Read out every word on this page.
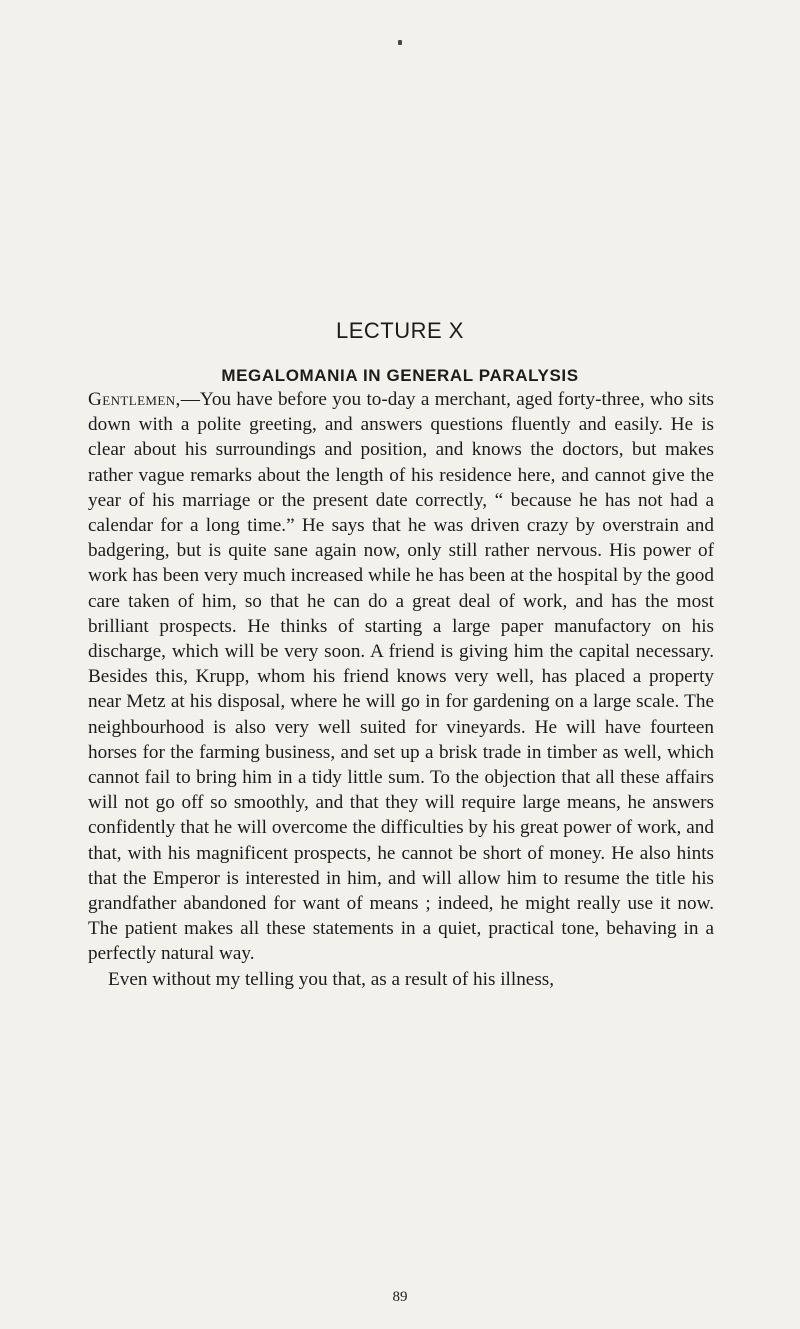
LECTURE X
MEGALOMANIA IN GENERAL PARALYSIS

Gentlemen,—You have before you to-day a merchant, aged forty-three, who sits down with a polite greeting, and answers questions fluently and easily. He is clear about his surroundings and position, and knows the doctors, but makes rather vague remarks about the length of his residence here, and cannot give the year of his marriage or the present date correctly, “ because he has not had a calendar for a long time.” He says that he was driven crazy by overstrain and badgering, but is quite sane again now, only still rather nervous. His power of work has been very much increased while he has been at the hospital by the good care taken of him, so that he can do a great deal of work, and has the most brilliant prospects. He thinks of starting a large paper manufactory on his discharge, which will be very soon. A friend is giving him the capital necessary. Besides this, Krupp, whom his friend knows very well, has placed a property near Metz at his disposal, where he will go in for gardening on a large scale. The neighbourhood is also very well suited for vineyards. He will have fourteen horses for the farming business, and set up a brisk trade in timber as well, which cannot fail to bring him in a tidy little sum. To the objection that all these affairs will not go off so smoothly, and that they will require large means, he answers confidently that he will overcome the difficulties by his great power of work, and that, with his magnificent prospects, he cannot be short of money. He also hints that the Emperor is interested in him, and will allow him to resume the title his grandfather abandoned for want of means ; indeed, he might really use it now. The patient makes all these statements in a quiet, practical tone, behaving in a perfectly natural way.

Even without my telling you that, as a result of his illness,

89
